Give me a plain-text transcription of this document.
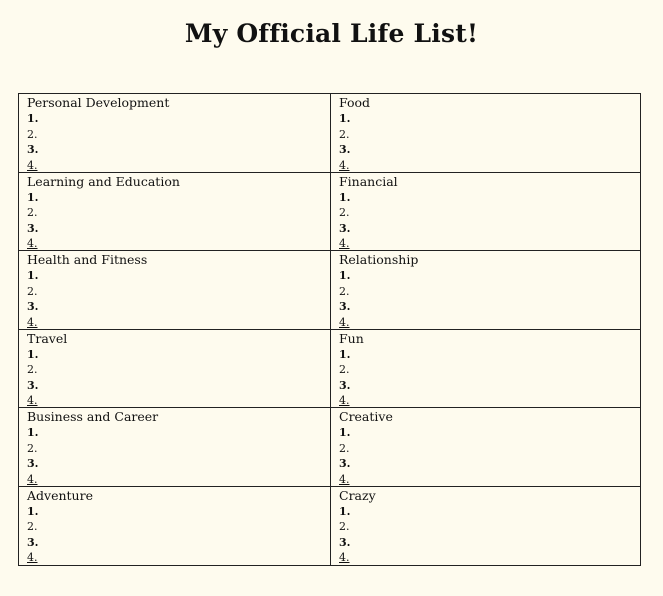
My Official Life List!
Personal Development
1.
2.
3.
4.
Food
1.
2.
3.
4.
Learning and Education
1.
2.
3.
4.
Financial
1.
2.
3.
4.
Health and Fitness
1.
2.
3.
4.
Relationship
1.
2.
3.
4.
Travel
1.
2.
3.
4.
Fun
1.
2.
3.
4.
Business and Career
1.
2.
3.
4.
Creative
1.
2.
3.
4.
Adventure
1.
2.
3.
4.
Crazy
1.
2.
3.
4.
